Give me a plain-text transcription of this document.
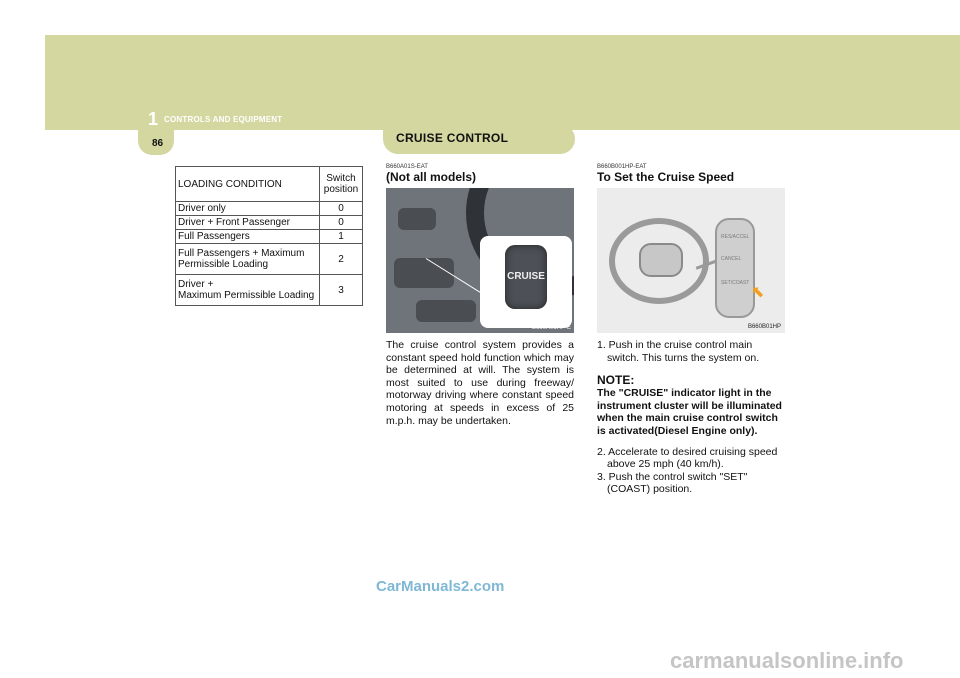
1 CONTROLS AND EQUIPMENT
86	CRUISE CONTROL
LOADING CONDITION	Switch
position

Driver only	0
Driver + Front Passenger	0
Full Passengers	1

Full Passengers + Maximum
Permissible Loading	2

Driver +
Maximum Permissible Loading	3
B660A01S-EAT
(Not all models)
CRUISE
B660A01HP-E
The cruise control system provides a constant speed hold function which may be determined at will. The system is most suited to use during freeway/ motorway driving where constant speed motoring at speeds in excess of 25 m.p.h. may be undertaken.
B660B001HP-EAT
To Set the Cruise Speed
RES/ACCEL
CANCEL
SET/COAST
⬉
B660B01HP
1. Push in the cruise control main switch. This turns the system on.
NOTE:
The "CRUISE" indicator light in the instrument cluster will be illuminated when the main cruise control switch is activated(Diesel Engine only).
2. Accelerate to desired cruising speed above 25 mph (40 km/h).
3. Push the control switch "SET" (COAST) position.
CarManuals2.com
carmanualsonline.info
